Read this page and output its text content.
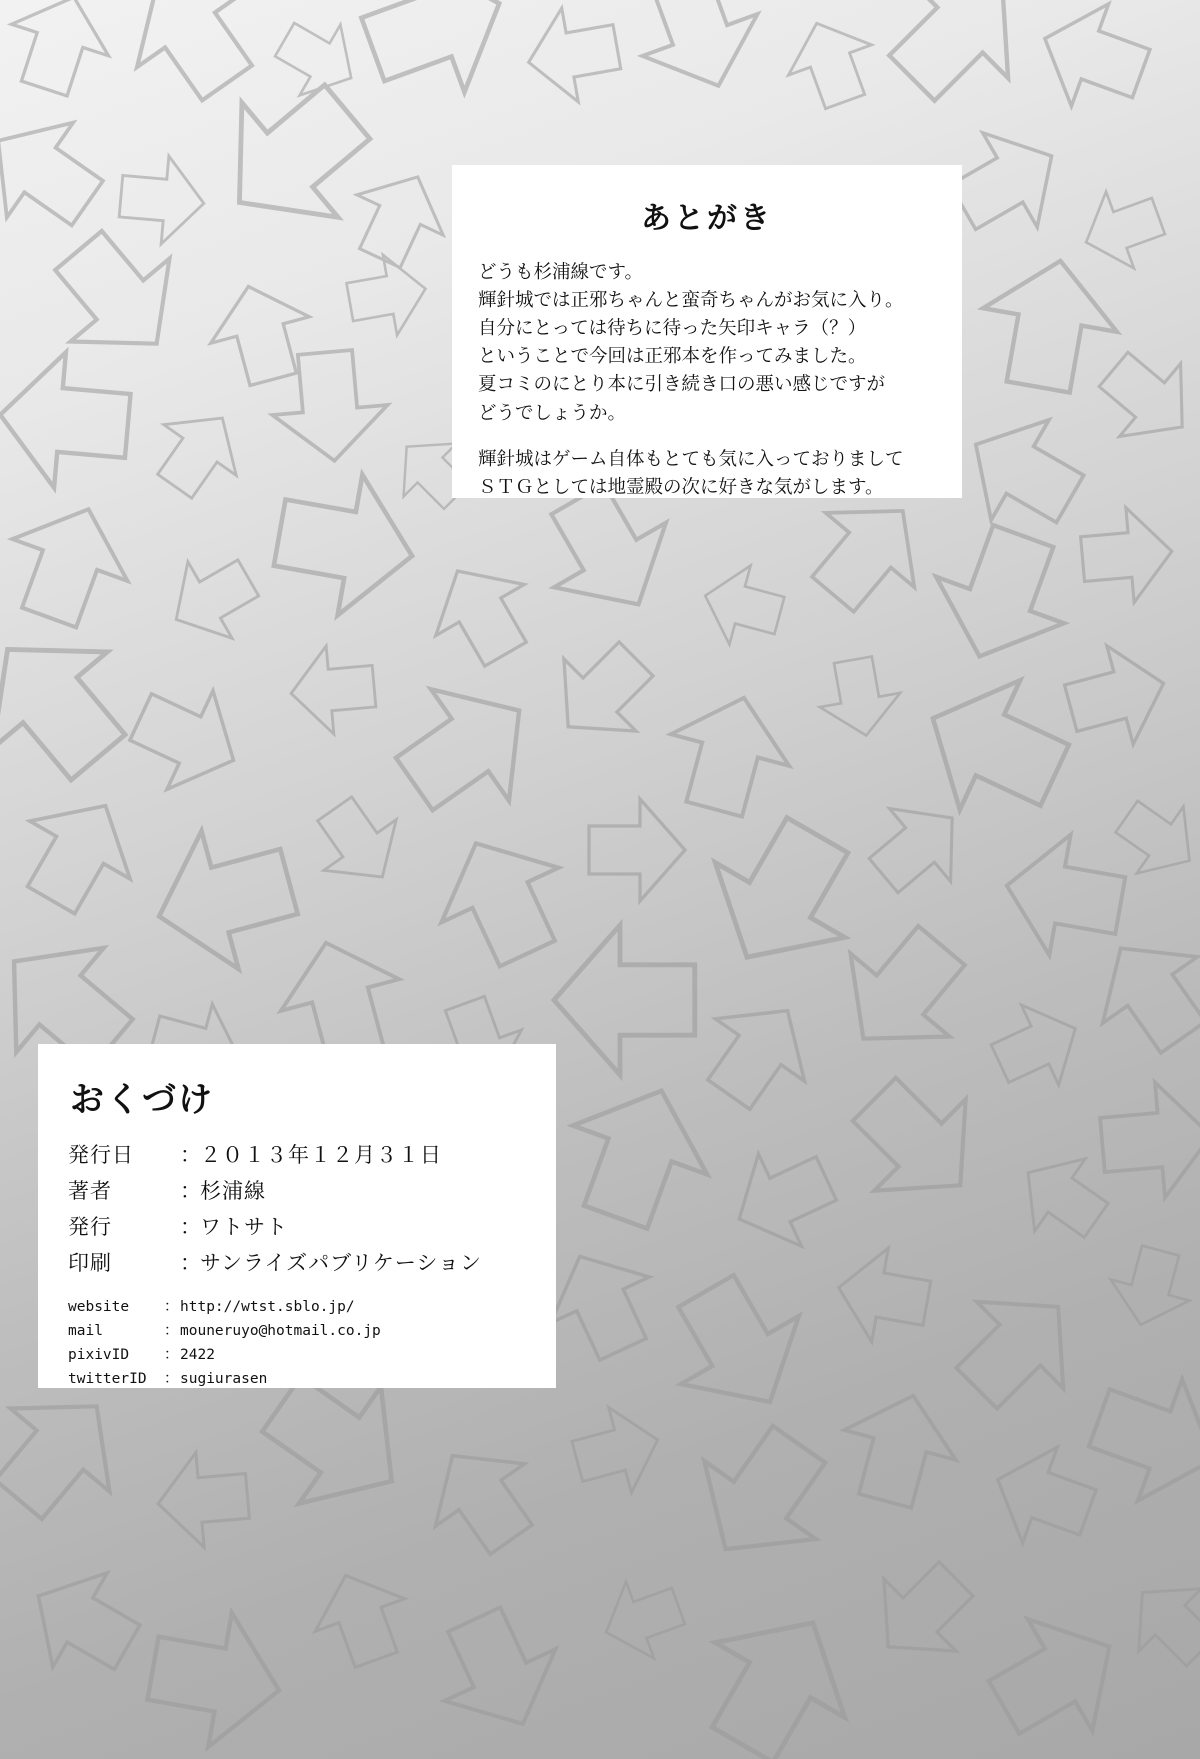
あとがき
どうも杉浦線です。
輝針城では正邪ちゃんと蛮奇ちゃんがお気に入り。
自分にとっては待ちに待った矢印キャラ（？）
ということで今回は正邪本を作ってみました。
夏コミのにとり本に引き続き口の悪い感じですが
どうでしょうか。
輝針城はゲーム自体もとても気に入っておりまして
ＳＴＧとしては地霊殿の次に好きな気がします。
おくづけ
発行日	： ２０１３年１２月３１日
著者	： 杉浦線
発行	： ワトサト
印刷	： サンライズパブリケーション
website	： http://wtst.sblo.jp/
mail	： mouneruyo@hotmail.co.jp
pixivID	： 2422
twitterID	： sugiurasen
